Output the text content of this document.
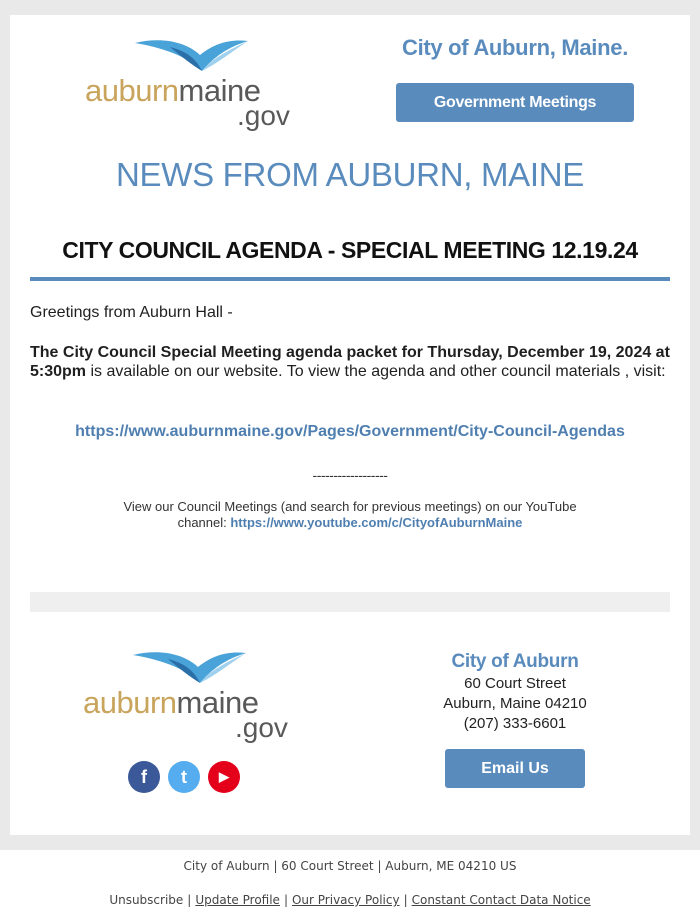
auburnmaine
.gov
City of Auburn, Maine.
Government Meetings
NEWS FROM AUBURN, MAINE
CITY COUNCIL AGENDA - SPECIAL MEETING 12.19.24
Greetings from Auburn Hall -
The City Council Special Meeting agenda packet for Thursday, December 19, 2024 at 5:30pm is available on our website. To view the agenda and other council materials , visit:
https://www.auburnmaine.gov/Pages/Government/City-Council-Agendas
------------------
View our Council Meetings (and search for previous meetings) on our YouTube channel: https://www.youtube.com/c/CityofAuburnMaine
auburnmaine
.gov
f	t	▶
City of Auburn
60 Court Street
Auburn, Maine 04210
(207) 333-6601
Email Us
City of Auburn | 60 Court Street | Auburn, ME 04210 US
Unsubscribe | Update Profile | Our Privacy Policy | Constant Contact Data Notice
